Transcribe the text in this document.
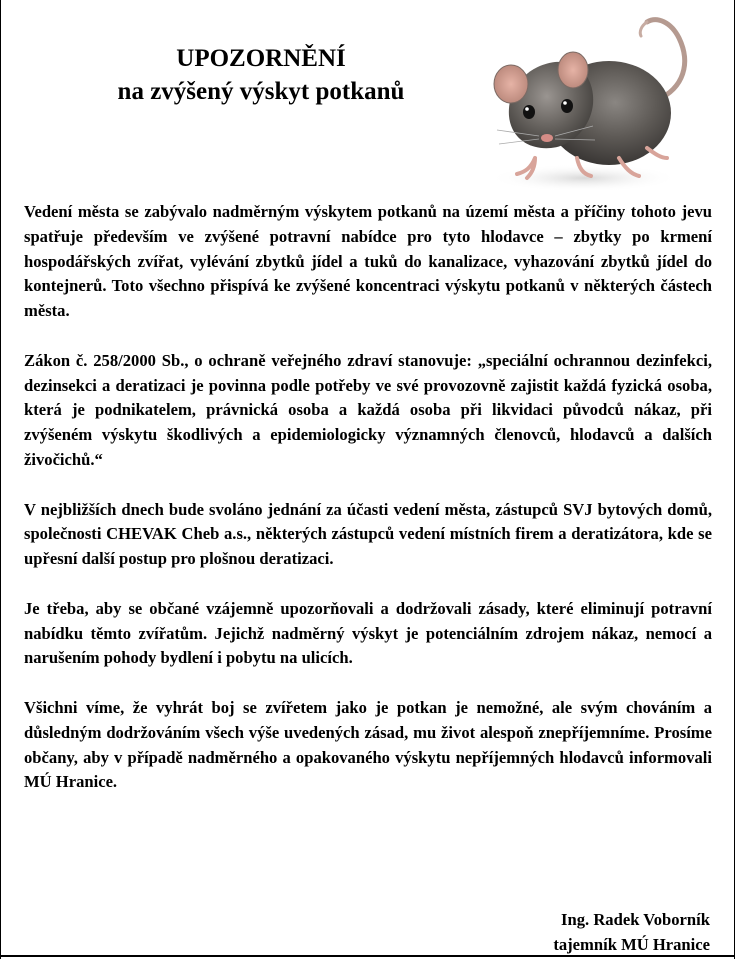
UPOZORNĚNÍ
na zvýšený výskyt potkanů

Vedení města se zabývalo nadměrným výskytem potkanů na území města a příčiny tohoto jevu spatřuje především ve zvýšené potravní nabídce pro tyto hlodavce – zbytky po krmení hospodářských zvířat, vylévání zbytků jídel a tuků do kanalizace, vyhazování zbytků jídel do kontejnerů. Toto všechno přispívá ke zvýšené koncentraci výskytu potkanů v některých částech města.

Zákon č. 258/2000 Sb., o ochraně veřejného zdraví stanovuje: „speciální ochrannou dezinfekci, dezinsekci a deratizaci je povinna podle potřeby ve své provozovně zajistit každá fyzická osoba, která je podnikatelem, právnická osoba a každá osoba při likvidaci původců nákaz, při zvýšeném výskytu škodlivých a epidemiologicky významných členovců, hlodavců a dalších živočichů.“

V nejbližších dnech bude svoláno jednání za účasti vedení města, zástupců SVJ bytových domů, společnosti CHEVAK Cheb a.s., některých zástupců vedení místních firem a deratizátora, kde se upřesní další postup pro plošnou deratizaci.

Je třeba, aby se občané vzájemně upozorňovali a dodržovali zásady, které eliminují potravní nabídku těmto zvířatům. Jejichž nadměrný výskyt je potenciálním zdrojem nákaz, nemocí a narušením pohody bydlení i pobytu na ulicích.

Všichni víme, že vyhrát boj se zvířetem jako je potkan je nemožné, ale svým chováním a důsledným dodržováním všech výše uvedených zásad, mu život alespoň znepříjemníme. Prosíme občany, aby v případě nadměrného a opakovaného výskytu nepříjemných hlodavců informovali MÚ Hranice.

Ing. Radek Voborník
tajemník MÚ Hranice
